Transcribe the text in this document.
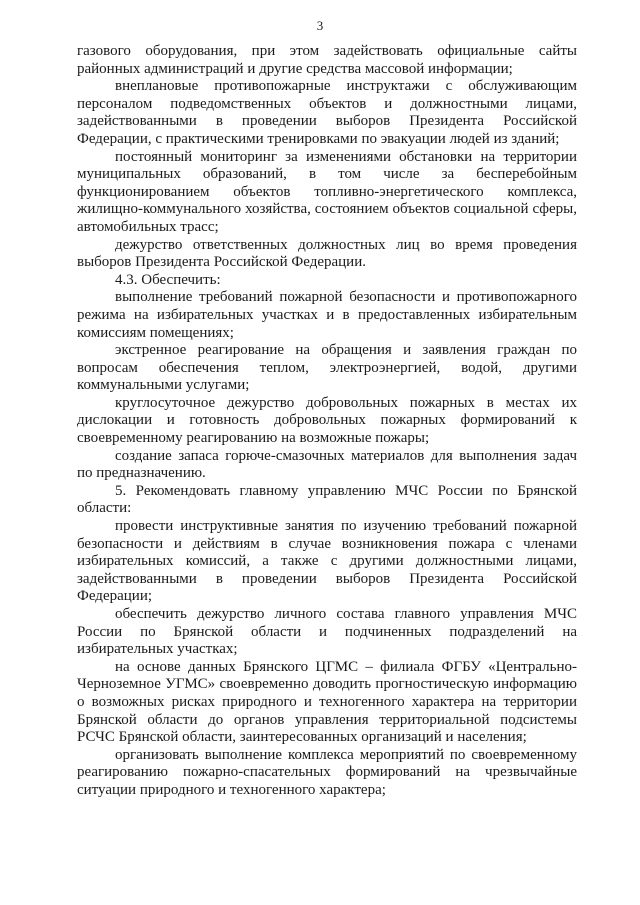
3

газового оборудования, при этом задействовать официальные сайты районных администраций и другие средства массовой информации;

внеплановые противопожарные инструктажи с обслуживающим персоналом подведомственных объектов и должностными лицами, задействованными в проведении выборов Президента Российской Федерации, с практическими тренировками по эвакуации людей из зданий;

постоянный мониторинг за изменениями обстановки на территории муниципальных образований, в том числе за бесперебойным функционированием объектов топливно-энергетического комплекса, жилищно-коммунального хозяйства, состоянием объектов социальной сферы, автомобильных трасс;

дежурство ответственных должностных лиц во время проведения выборов Президента Российской Федерации.

4.3. Обеспечить:

выполнение требований пожарной безопасности и противопожарного режима на избирательных участках и в предоставленных избирательным комиссиям помещениях;

экстренное реагирование на обращения и заявления граждан по вопросам обеспечения теплом, электроэнергией, водой, другими коммунальными услугами;

круглосуточное дежурство добровольных пожарных в местах их дислокации и готовность добровольных пожарных формирований к своевременному реагированию на возможные пожары;

создание запаса горюче-смазочных материалов для выполнения задач по предназначению.

5. Рекомендовать главному управлению МЧС России по Брянской области:

провести инструктивные занятия по изучению требований пожарной безопасности и действиям в случае возникновения пожара с членами избирательных комиссий, а также с другими должностными лицами, задействованными в проведении выборов Президента Российской Федерации;

обеспечить дежурство личного состава главного управления МЧС России по Брянской области и подчиненных подразделений на избирательных участках;

на основе данных Брянского ЦГМС – филиала ФГБУ «Центрально-Черноземное УГМС» своевременно доводить прогностическую информацию о возможных рисках природного и техногенного характера на территории Брянской области до органов управления территориальной подсистемы РСЧС Брянской области, заинтересованных организаций и населения;

организовать выполнение комплекса мероприятий по своевременному реагированию пожарно-спасательных формирований на чрезвычайные ситуации природного и техногенного характера;
